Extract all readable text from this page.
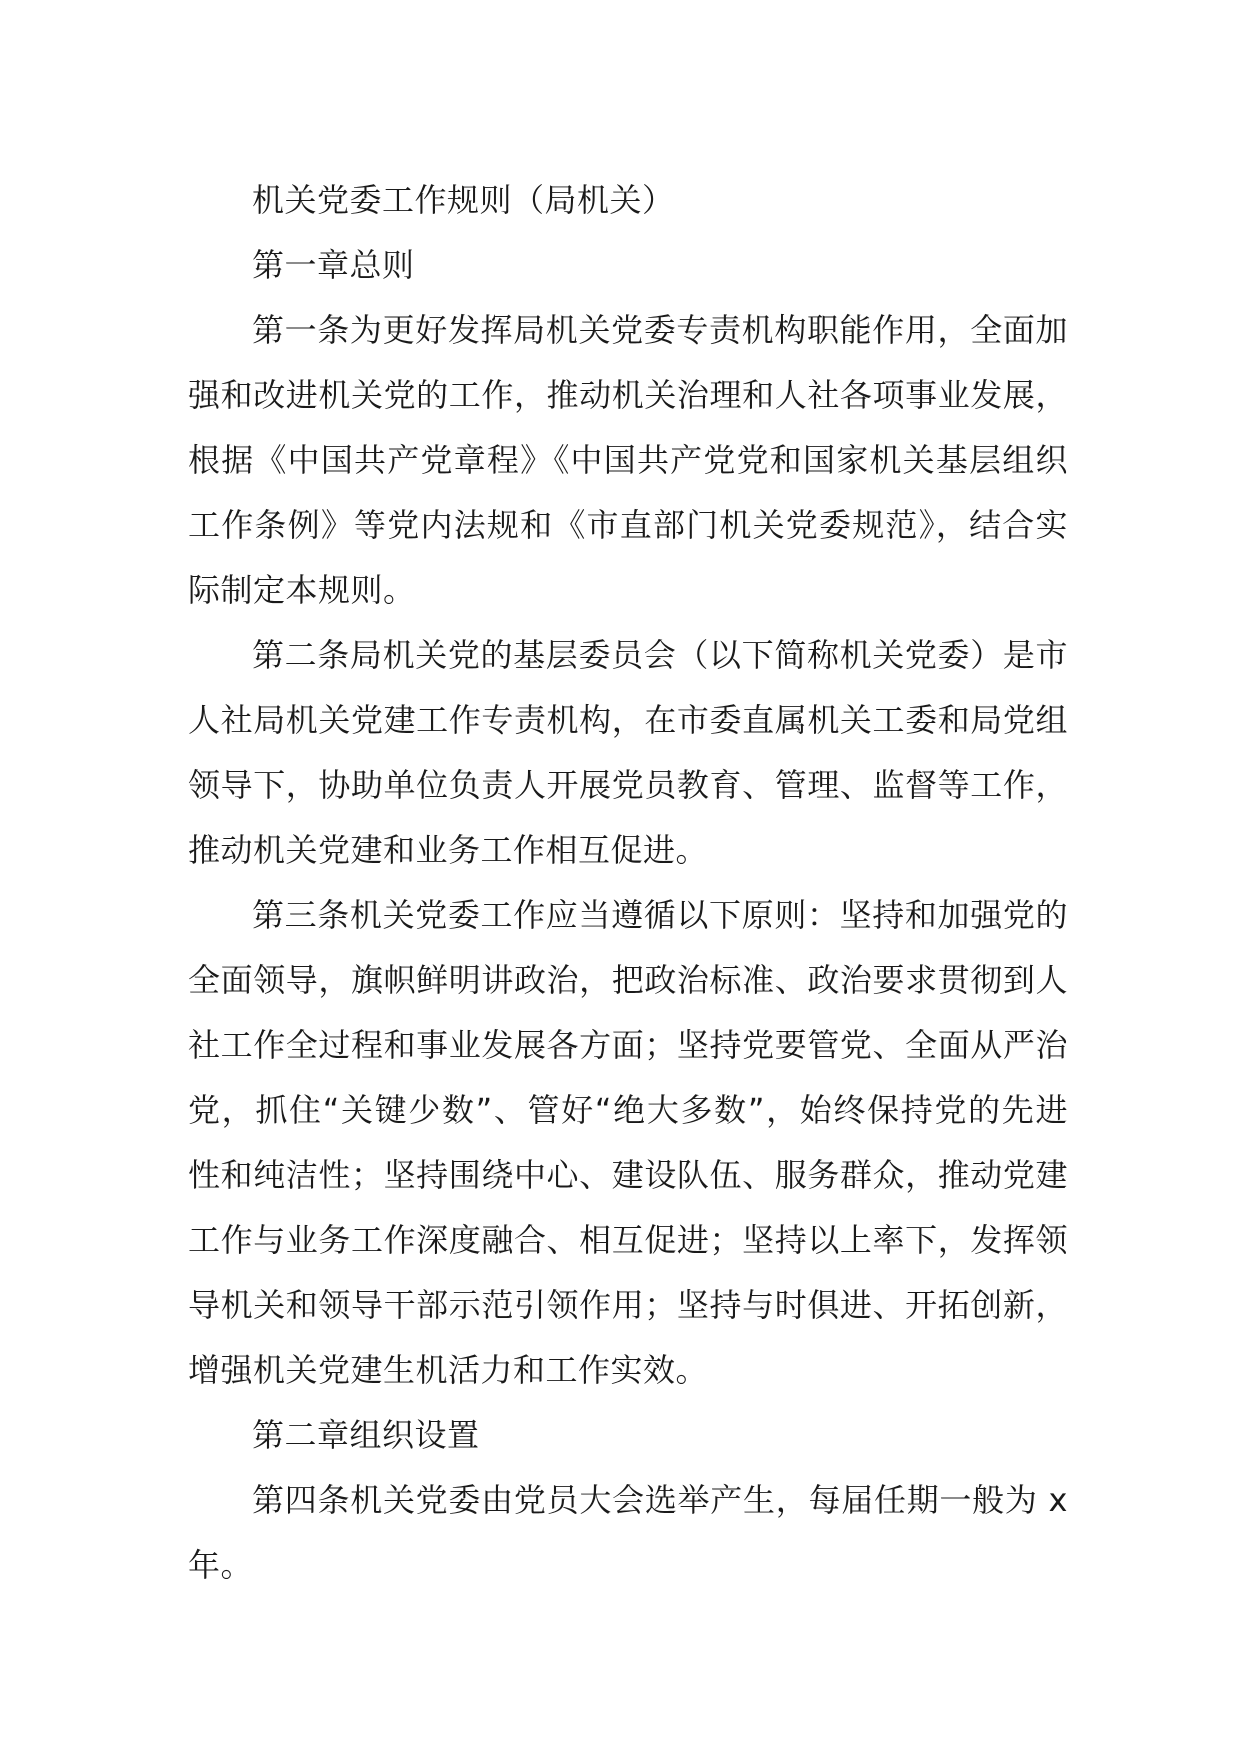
机关党委工作规则（局机关）

第一章总则

第一条为更好发挥局机关党委专责机构职能作用，全面加强和改进机关党的工作，推动机关治理和人社各项事业发展，根据《中国共产党章程》《中国共产党党和国家机关基层组织工作条例》等党内法规和《市直部门机关党委规范》，结合实际制定本规则。

第二条局机关党的基层委员会（以下简称机关党委）是市人社局机关党建工作专责机构，在市委直属机关工委和局党组领导下，协助单位负责人开展党员教育、管理、监督等工作，推动机关党建和业务工作相互促进。

第三条机关党委工作应当遵循以下原则：坚持和加强党的全面领导，旗帜鲜明讲政治，把政治标准、政治要求贯彻到人社工作全过程和事业发展各方面；坚持党要管党、全面从严治党，抓住“关键少数”、管好“绝大多数”，始终保持党的先进性和纯洁性；坚持围绕中心、建设队伍、服务群众，推动党建工作与业务工作深度融合、相互促进；坚持以上率下，发挥领导机关和领导干部示范引领作用；坚持与时俱进、开拓创新，增强机关党建生机活力和工作实效。

第二章组织设置

第四条机关党委由党员大会选举产生，每届任期一般为 x 年。
